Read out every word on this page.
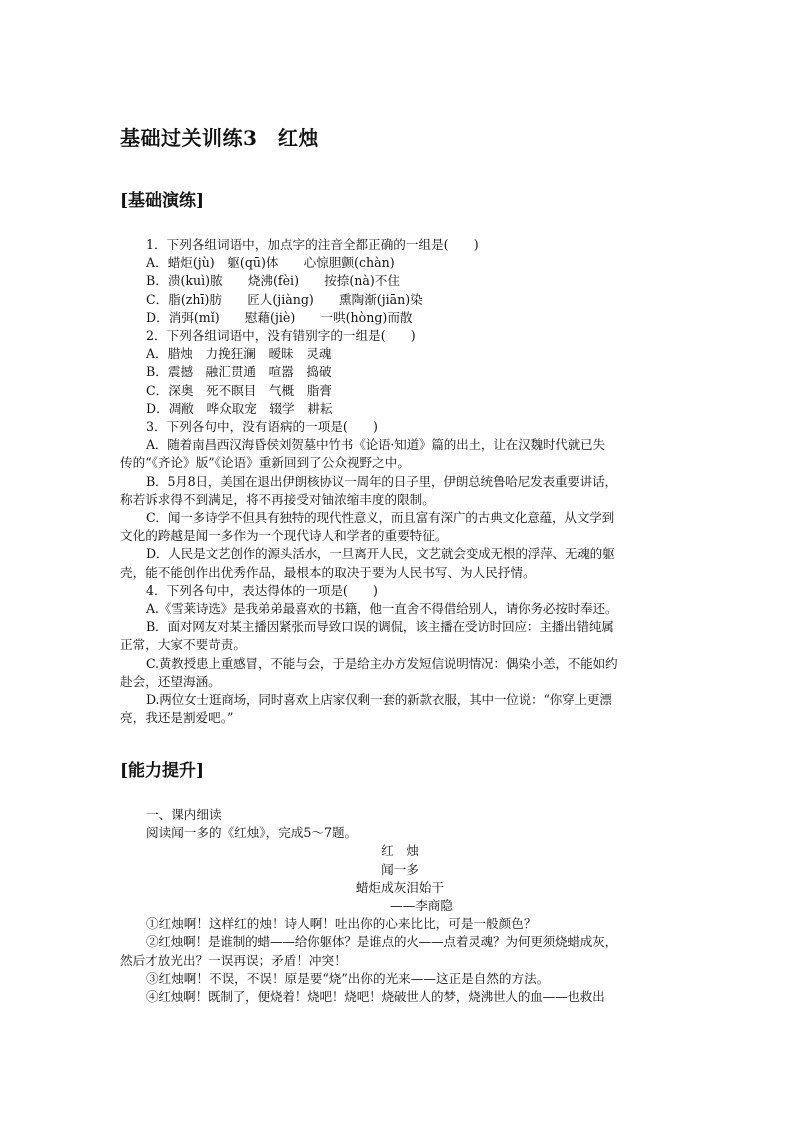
基础过关训练3　红烛
[基础演练]

1．下列各组词语中，加点字的注音全都正确的一组是(　　)

A．蜡炬(jù)　躯(qū)体　　心惊胆颤(chàn)

B．溃(kuì)脓　　烧沸(fèi)　　按捺(nà)不住

C．脂(zhī)肪　　匠人(jiàng)　　熏陶渐(jiān)染

D．消弭(mǐ)　　慰藉(jiè)　　一哄(hòng)而散

2．下列各组词语中，没有错别字的一组是(　　)

A．腊烛　力挽狂澜　暧昧　灵魂

B．震撼　融汇贯通　喧嚣　捣破

C．深奥　死不瞑目　气概　脂膏

D．凋敝　哗众取宠　辍学　耕耘

3．下列各句中，没有语病的一项是(　　)

A．随着南昌西汉海昏侯刘贺墓中竹书《论语·知道》篇的出土，让在汉魏时代就已失

传的“《齐论》版”《论语》重新回到了公众视野之中。

B．5月8日，美国在退出伊朗核协议一周年的日子里，伊朗总统鲁哈尼发表重要讲话，

称若诉求得不到满足，将不再接受对铀浓缩丰度的限制。

C．闻一多诗学不但具有独特的现代性意义，而且富有深广的古典文化意蕴，从文学到

文化的跨越是闻一多作为一个现代诗人和学者的重要特征。

D．人民是文艺创作的源头活水，一旦离开人民，文艺就会变成无根的浮萍、无魂的躯

壳，能不能创作出优秀作品，最根本的取决于要为人民书写、为人民抒情。

4．下列各句中，表达得体的一项是(　　)

A.《雪莱诗选》是我弟弟最喜欢的书籍，他一直舍不得借给别人，请你务必按时奉还。

B．面对网友对某主播因紧张而导致口误的调侃，该主播在受访时回应：主播出错纯属

正常，大家不要苛责。

C.黄教授患上重感冒，不能与会，于是给主办方发短信说明情况：偶染小恙，不能如约

赴会，还望海涵。

D.两位女士逛商场，同时喜欢上店家仅剩一套的新款衣服，其中一位说：“你穿上更漂

亮，我还是割爱吧。”

[能力提升]

一、课内细读

阅读闻一多的《红烛》，完成5～7题。

红　烛

闻一多

蜡炬成灰泪始干

——李商隐

①红烛啊！这样红的烛！诗人啊！吐出你的心来比比，可是一般颜色？

②红烛啊！是谁制的蜡——给你躯体？是谁点的火——点着灵魂？为何更须烧蜡成灰，

然后才放光出？一误再误；矛盾！冲突！

③红烛啊！不误，不误！原是要“烧”出你的光来——这正是自然的方法。

④红烛啊！既制了，便烧着！烧吧！烧吧！烧破世人的梦，烧沸世人的血——也救出
